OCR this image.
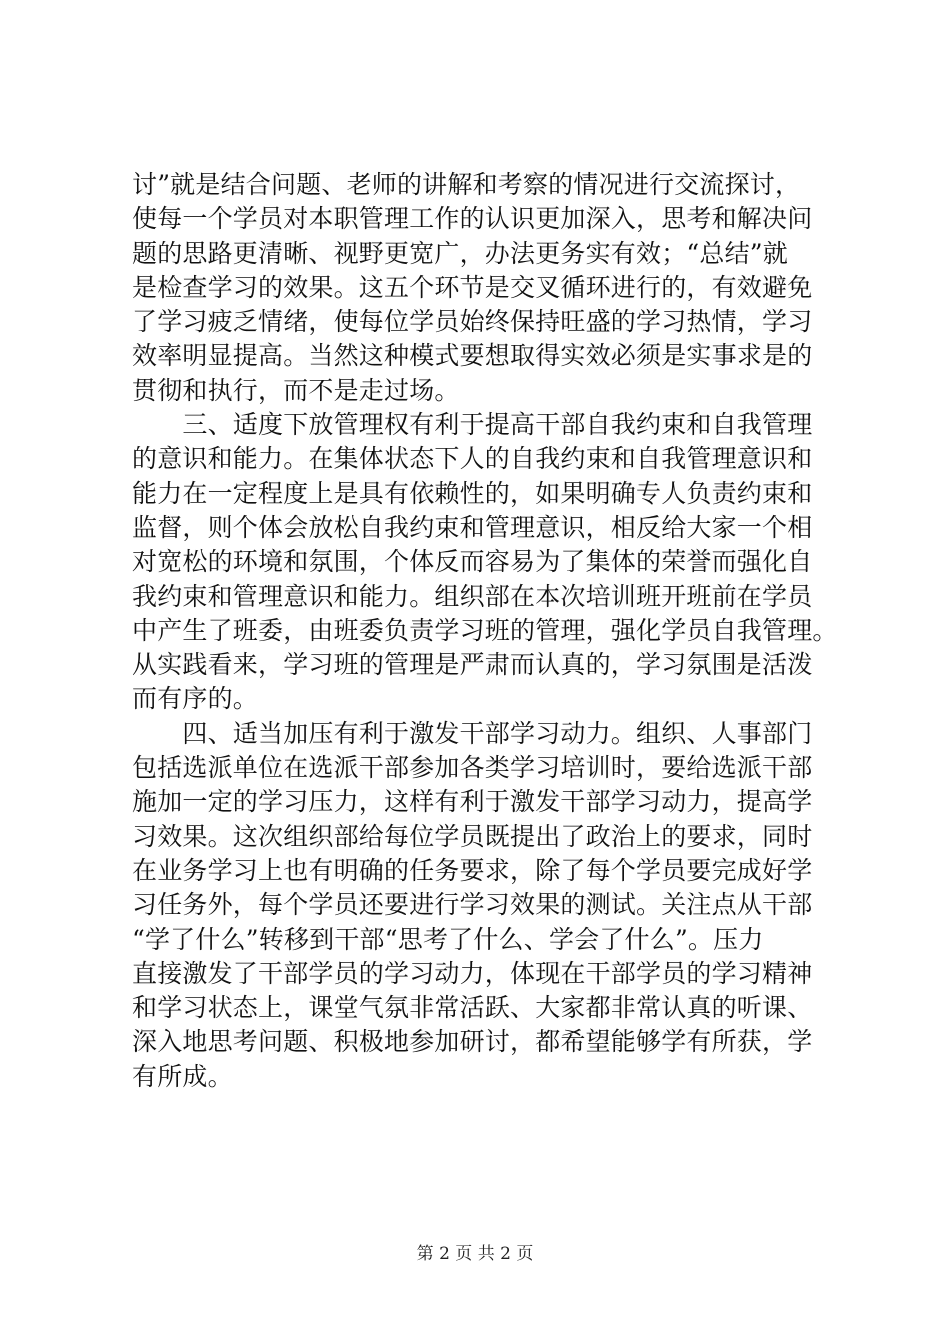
讨”就是结合问题、老师的讲解和考察的情况进行交流探讨，
使每一个学员对本职管理工作的认识更加深入，思考和解决问
题的思路更清晰、视野更宽广，办法更务实有效；“总结”就
是检查学习的效果。这五个环节是交叉循环进行的，有效避免
了学习疲乏情绪，使每位学员始终保持旺盛的学习热情，学习
效率明显提高。当然这种模式要想取得实效必须是实事求是的
贯彻和执行，而不是走过场。
　　三、适度下放管理权有利于提高干部自我约束和自我管理
的意识和能力。在集体状态下人的自我约束和自我管理意识和
能力在一定程度上是具有依赖性的，如果明确专人负责约束和
监督，则个体会放松自我约束和管理意识，相反给大家一个相
对宽松的环境和氛围，个体反而容易为了集体的荣誉而强化自
我约束和管理意识和能力。组织部在本次培训班开班前在学员
中产生了班委，由班委负责学习班的管理，强化学员自我管理。
从实践看来，学习班的管理是严肃而认真的，学习氛围是活泼
而有序的。
　　四、适当加压有利于激发干部学习动力。组织、人事部门
包括选派单位在选派干部参加各类学习培训时，要给选派干部
施加一定的学习压力，这样有利于激发干部学习动力，提高学
习效果。这次组织部给每位学员既提出了政治上的要求，同时
在业务学习上也有明确的任务要求，除了每个学员要完成好学
习任务外，每个学员还要进行学习效果的测试。关注点从干部
“学了什么”转移到干部“思考了什么、学会了什么”。压力
直接激发了干部学员的学习动力，体现在干部学员的学习精神
和学习状态上，课堂气氛非常活跃、大家都非常认真的听课、
深入地思考问题、积极地参加研讨，都希望能够学有所获，学
有所成。
第 2 页 共 2 页
